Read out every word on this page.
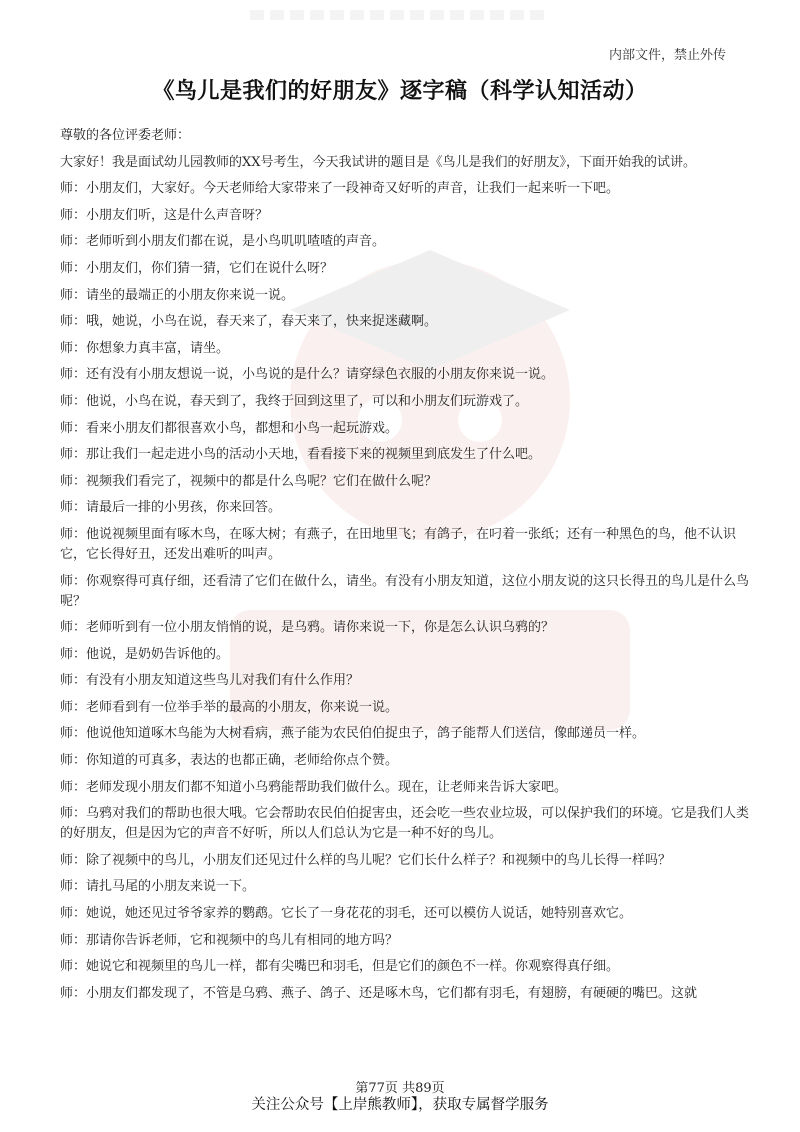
内部文件，禁止外传
《鸟儿是我们的好朋友》逐字稿（科学认知活动）

尊敬的各位评委老师：

大家好！我是面试幼儿园教师的XX号考生，今天我试讲的题目是《鸟儿是我们的好朋友》，下面开始我的试讲。

师：小朋友们，大家好。今天老师给大家带来了一段神奇又好听的声音，让我们一起来听一下吧。

师：小朋友们听，这是什么声音呀？

师：老师听到小朋友们都在说，是小鸟叽叽喳喳的声音。

师：小朋友们，你们猜一猜，它们在说什么呀？

师：请坐的最端正的小朋友你来说一说。

师：哦，她说，小鸟在说，春天来了，春天来了，快来捉迷藏啊。

师：你想象力真丰富，请坐。

师：还有没有小朋友想说一说，小鸟说的是什么？请穿绿色衣服的小朋友你来说一说。

师：他说，小鸟在说，春天到了，我终于回到这里了，可以和小朋友们玩游戏了。

师：看来小朋友们都很喜欢小鸟，都想和小鸟一起玩游戏。

师：那让我们一起走进小鸟的活动小天地，看看接下来的视频里到底发生了什么吧。

师：视频我们看完了，视频中的都是什么鸟呢？它们在做什么呢？

师：请最后一排的小男孩，你来回答。

师：他说视频里面有啄木鸟，在啄大树；有燕子，在田地里飞；有鸽子，在叼着一张纸；还有一种黑色的鸟，他不认识它，它长得好丑，还发出难听的叫声。

师：你观察得可真仔细，还看清了它们在做什么，请坐。有没有小朋友知道，这位小朋友说的这只长得丑的鸟儿是什么鸟呢？

师：老师听到有一位小朋友悄悄的说，是乌鸦。请你来说一下，你是怎么认识乌鸦的？

师：他说，是奶奶告诉他的。

师：有没有小朋友知道这些鸟儿对我们有什么作用？

师：老师看到有一位举手举的最高的小朋友，你来说一说。

师：他说他知道啄木鸟能为大树看病，燕子能为农民伯伯捉虫子，鸽子能帮人们送信，像邮递员一样。

师：你知道的可真多，表达的也都正确，老师给你点个赞。

师：老师发现小朋友们都不知道小乌鸦能帮助我们做什么。现在，让老师来告诉大家吧。

师：乌鸦对我们的帮助也很大哦。它会帮助农民伯伯捉害虫，还会吃一些农业垃圾，可以保护我们的环境。它是我们人类的好朋友，但是因为它的声音不好听，所以人们总认为它是一种不好的鸟儿。

师：除了视频中的鸟儿，小朋友们还见过什么样的鸟儿呢？它们长什么样子？和视频中的鸟儿长得一样吗？

师：请扎马尾的小朋友来说一下。

师：她说，她还见过爷爷家养的鹦鹉。它长了一身花花的羽毛，还可以模仿人说话，她特别喜欢它。

师：那请你告诉老师，它和视频中的鸟儿有相同的地方吗？

师：她说它和视频里的鸟儿一样，都有尖嘴巴和羽毛，但是它们的颜色不一样。你观察得真仔细。

师：小朋友们都发现了，不管是乌鸦、燕子、鸽子、还是啄木鸟，它们都有羽毛，有翅膀，有硬硬的嘴巴。这就

第77页 共89页
关注公众号【上岸熊教师】，获取专属督学服务
